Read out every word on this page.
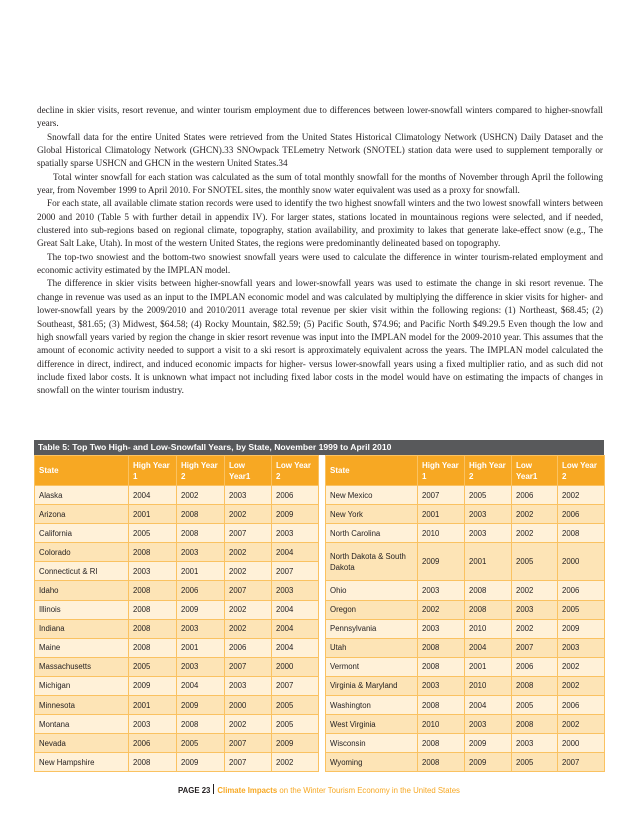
decline in skier visits, resort revenue, and winter tourism employment due to differences between lower-snowfall winters compared to higher-snowfall years.

Snowfall data for the entire United States were retrieved from the United States Historical Climatology Network (USHCN) Daily Dataset and the Global Historical Climatology Network (GHCN).33 SNOwpack TELemetry Network (SNOTEL) station data were used to supplement temporally or spatially sparse USHCN and GHCN in the western United States.34

Total winter snowfall for each station was calculated as the sum of total monthly snowfall for the months of November through April the following year, from November 1999 to April 2010. For SNOTEL sites, the monthly snow water equivalent was used as a proxy for snowfall.

For each state, all available climate station records were used to identify the two highest snowfall winters and the two lowest snowfall winters between 2000 and 2010 (Table 5 with further detail in appendix IV). For larger states, stations located in mountainous regions were selected, and if needed, clustered into sub-regions based on regional climate, topography, station availability, and proximity to lakes that generate lake-effect snow (e.g., The Great Salt Lake, Utah). In most of the western United States, the regions were predominantly delineated based on topography.

The top-two snowiest and the bottom-two snowiest snowfall years were used to calculate the difference in winter tourism-related employment and economic activity estimated by the IMPLAN model.

The difference in skier visits between higher-snowfall years and lower-snowfall years was used to estimate the change in ski resort revenue. The change in revenue was used as an input to the IMPLAN economic model and was calculated by multiplying the difference in skier visits for higher- and lower-snowfall years by the 2009/2010 and 2010/2011 average total revenue per skier visit within the following regions: (1) Northeast, $68.45; (2) Southeast, $81.65; (3) Midwest, $64.58; (4) Rocky Mountain, $82.59; (5) Pacific South, $74.96; and Pacific North $49.29.5 Even though the low and high snowfall years varied by region the change in skier resort revenue was input into the IMPLAN model for the 2009-2010 year. This assumes that the amount of economic activity needed to support a visit to a ski resort is approximately equivalent across the years. The IMPLAN model calculated the difference in direct, indirect, and induced economic impacts for higher- versus lower-snowfall years using a fixed multiplier ratio, and as such did not include fixed labor costs. It is unknown what impact not including fixed labor costs in the model would have on estimating the impacts of changes in snowfall on the winter tourism industry.

Table 5: Top Two High- and Low-Snowfall Years, by State, November 1999 to April 2010
State	High Year 1	High Year 2	Low Year1	Low Year 2
Alaska	2004	2002	2003	2006
Arizona	2001	2008	2002	2009
California	2005	2008	2007	2003
Colorado	2008	2003	2002	2004
Connecticut & RI	2003	2001	2002	2007
Idaho	2008	2006	2007	2003
Illinois	2008	2009	2002	2004
Indiana	2008	2003	2002	2004
Maine	2008	2001	2006	2004
Massachusetts	2005	2003	2007	2000
Michigan	2009	2004	2003	2007
Minnesota	2001	2009	2000	2005
Montana	2003	2008	2002	2005
Nevada	2006	2005	2007	2009
New Hampshire	2008	2009	2007	2002
State	High Year 1	High Year 2	Low Year1	Low Year 2
New Mexico	2007	2005	2006	2002
New York	2001	2003	2002	2006
North Carolina	2010	2003	2002	2008
North Dakota & South Dakota	2009	2001	2005	2000
Ohio	2003	2008	2002	2006
Oregon	2002	2008	2003	2005
Pennsylvania	2003	2010	2002	2009
Utah	2008	2004	2007	2003
Vermont	2008	2001	2006	2002
Virginia & Maryland	2003	2010	2008	2002
Washington	2008	2004	2005	2006
West Virginia	2010	2003	2008	2002
Wisconsin	2008	2009	2003	2000
Wyoming	2008	2009	2005	2007
PAGE 23 Climate Impacts on the Winter Tourism Economy in the United States
